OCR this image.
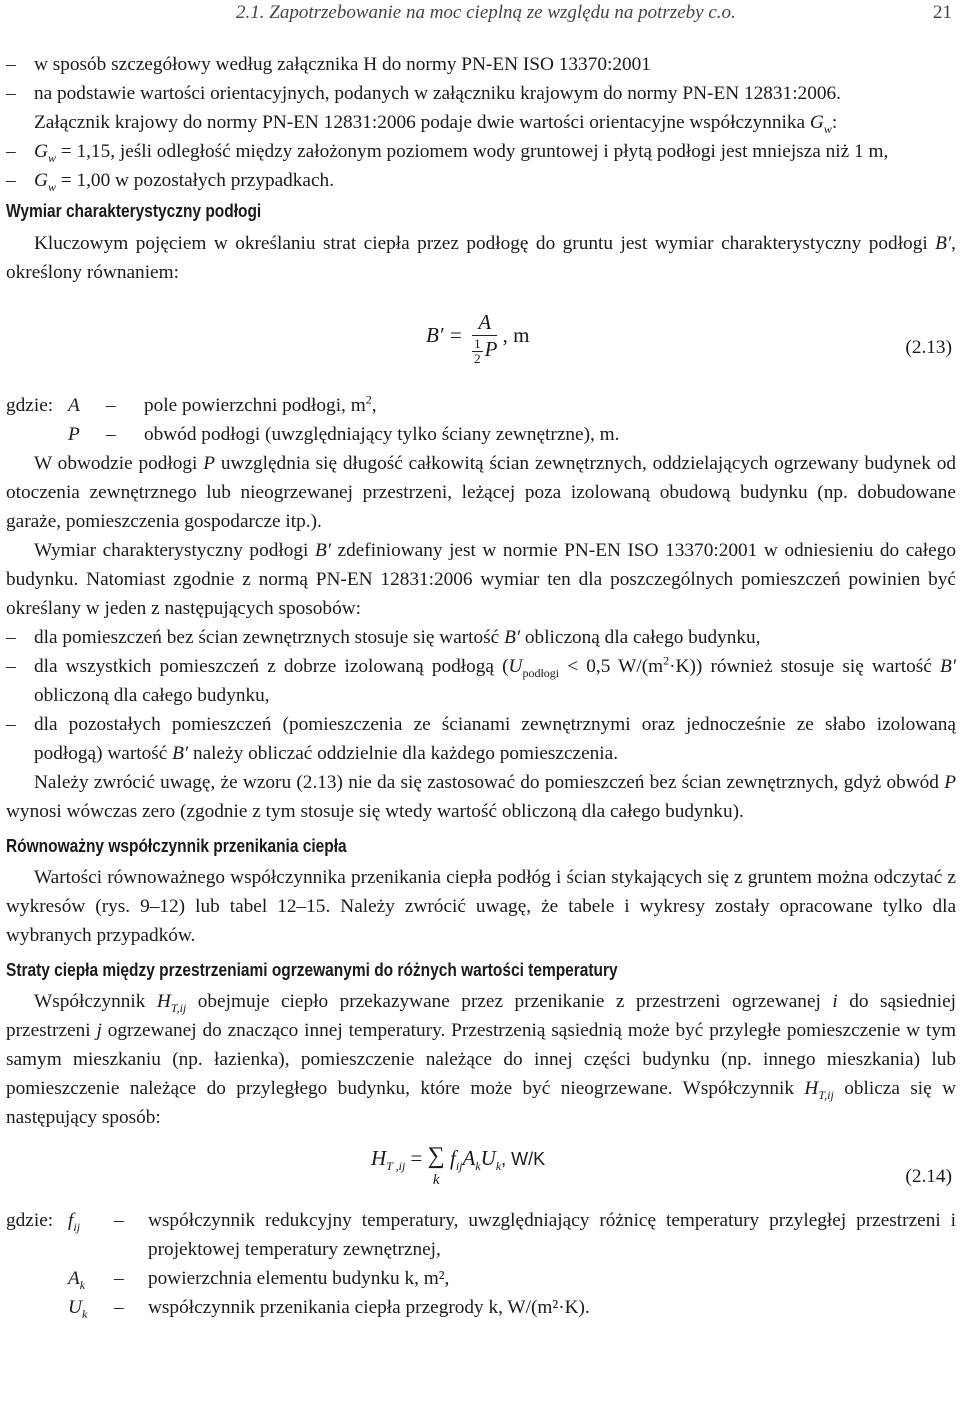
2.1. Zapotrzebowanie na moc cieplną ze względu na potrzeby c.o.	21
– w sposób szczegółowy według załącznika H do normy PN-EN ISO 13370:2001
– na podstawie wartości orientacyjnych, podanych w załączniku krajowym do normy PN-EN 12831:2006.

Załącznik krajowy do normy PN-EN 12831:2006 podaje dwie wartości orientacyjne współczynnika $G_w$:

– $G_w = 1,15$, jeśli odległość między założonym poziomem wody gruntowej i płytą podłogi jest mniejsza niż 1 m,
– $G_w = 1,00$ w pozostałych przypadkach.
Wymiar charakterystyczny podłogi

Kluczowym pojęciem w określaniu strat ciepła przez podłogę do gruntu jest wymiar charakterystyczny podłogi B′, określony równaniem:

$B' = \frac{A}{\frac{1}{2}P}$ , m
(2.13)
gdzie: A	–	pole powierzchni podłogi, $m^2$,
P	–	obwód podłogi (uwzględniający tylko ściany zewnętrzne), m.

W obwodzie podłogi P uwzględnia się długość całkowitą ścian zewnętrznych, oddzielających ogrzewany budynek od otoczenia zewnętrznego lub nieogrzewanej przestrzeni, leżącej poza izolowaną obudową budynku (np. dobudowane garaże, pomieszczenia gospodarcze itp.).

Wymiar charakterystyczny podłogi B′ zdefiniowany jest w normie PN-EN ISO 13370:2001 w odniesieniu do całego budynku. Natomiast zgodnie z normą PN-EN 12831:2006 wymiar ten dla poszczególnych pomieszczeń powinien być określany w jeden z następujących sposobów:

– dla pomieszczeń bez ścian zewnętrznych stosuje się wartość B′ obliczoną dla całego budynku,
– dla wszystkich pomieszczeń z dobrze izolowaną podłogą ($U_{podłogi} < 0,5$ $W/(m^2\cdot K)$) również stosuje się wartość B′ obliczoną dla całego budynku,
– dla pozostałych pomieszczeń (pomieszczenia ze ścianami zewnętrznymi oraz jednocześnie ze słabo izolowaną podłogą) wartość B′ należy obliczać oddzielnie dla każdego pomieszczenia.

Należy zwrócić uwagę, że wzoru (2.13) nie da się zastosować do pomieszczeń bez ścian zewnętrznych, gdyż obwód P wynosi wówczas zero (zgodnie z tym stosuje się wtedy wartość obliczoną dla całego budynku).

Równoważny współczynnik przenikania ciepła

Wartości równoważnego współczynnika przenikania ciepła podłóg i ścian stykających się z gruntem można odczytać z wykresów (rys. 9–12) lub tabel 12–15. Należy zwrócić uwagę, że tabele i wykresy zostały opracowane tylko dla wybranych przypadków.

Straty ciepła między przestrzeniami ogrzewanymi do różnych wartości temperatury

Współczynnik $H_{T,ij}$ obejmuje ciepło przekazywane przez przenikanie z przestrzeni ogrzewanej i do sąsiedniej przestrzeni j ogrzewanej do znacząco innej temperatury. Przestrzenią sąsiednią może być przyległe pomieszczenie w tym samym mieszkaniu (np. łazienka), pomieszczenie należące do innej części budynku (np. innego mieszkania) lub pomieszczenie należące do przyległego budynku, które może być nieogrzewane. Współczynnik $H_{T,ij}$ oblicza się w następujący sposób:

$H_{T ,ij}$ = ∑
k
$f_{ij}A_kU_k$, W/K
(2.14)
gdzie: $f_{ij}$	–	współczynnik redukcyjny temperatury, uwzględniający różnicę temperatury przyległej przestrzeni i projektowej temperatury zewnętrznej,
$A_k$	–	powierzchnia elementu budynku k, m²,
$U_k$	–	współczynnik przenikania ciepła przegrody k, W/(m²·K).
